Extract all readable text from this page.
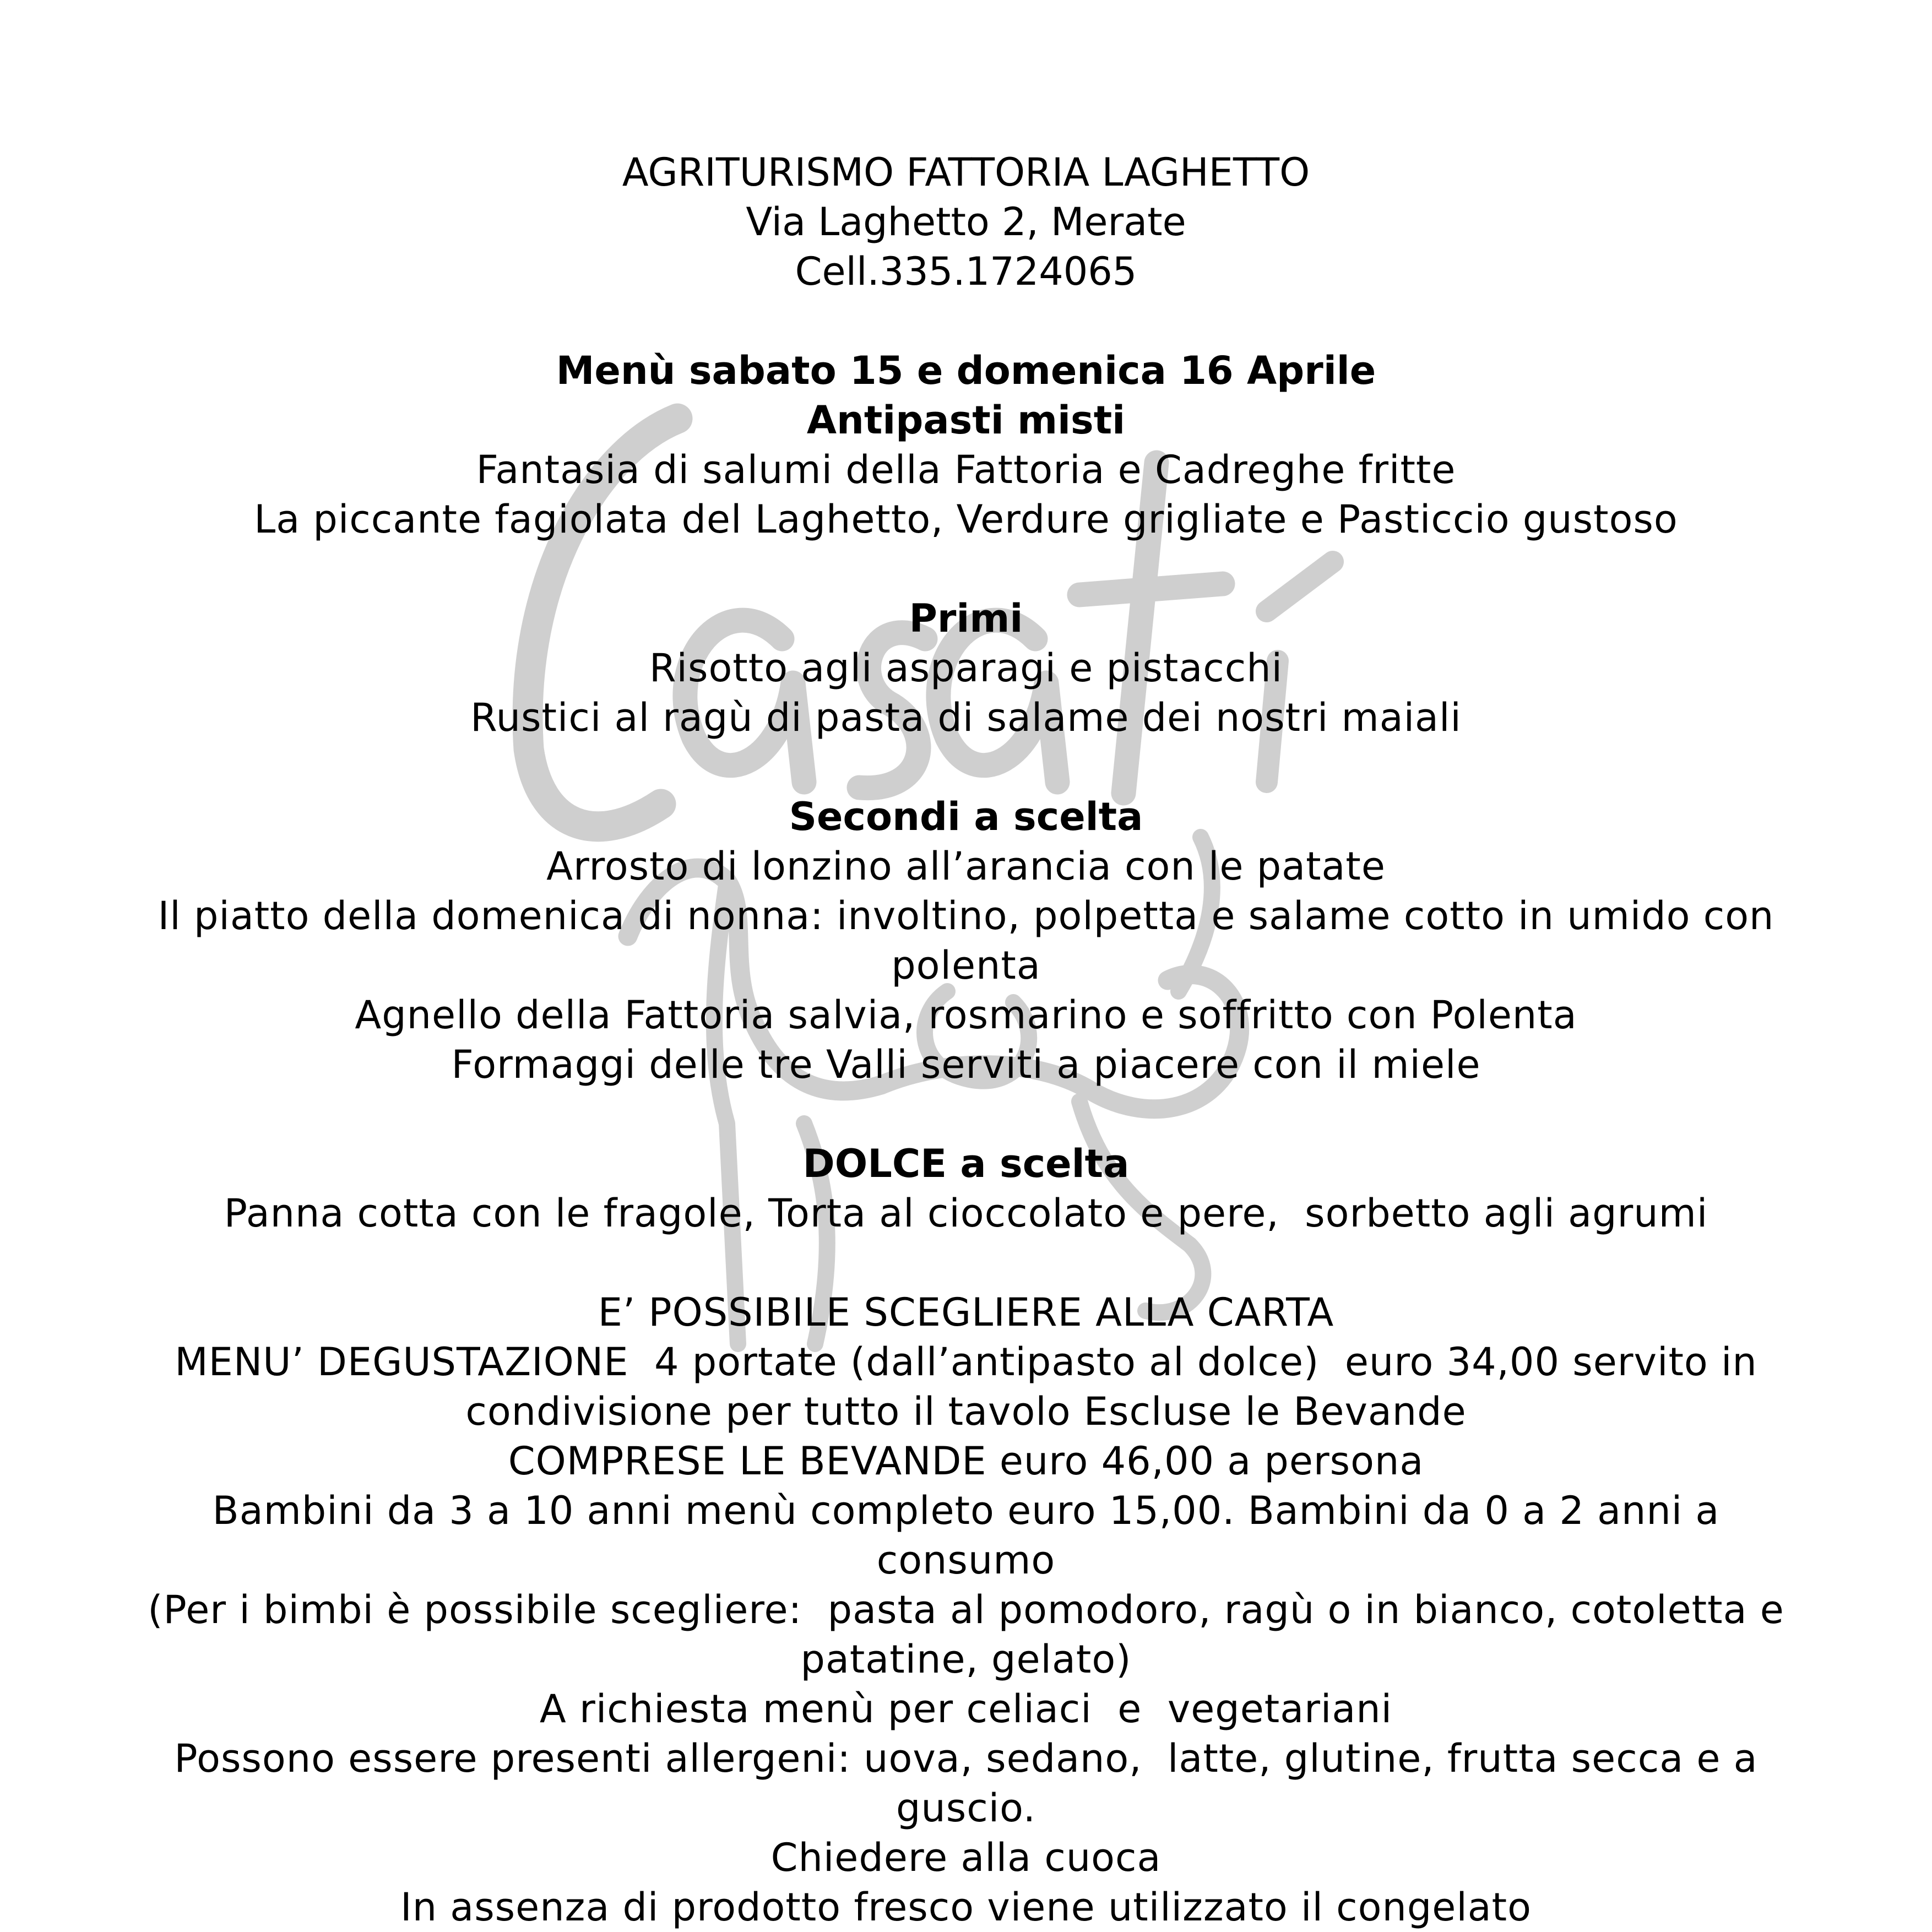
AGRITURISMO FATTORIA LAGHETTO
Via Laghetto 2, Merate
Cell.335.1724065
Menù sabato 15 e domenica 16 Aprile
Antipasti misti
Fantasia di salumi della Fattoria e Cadreghe fritte
La piccante fagiolata del Laghetto, Verdure grigliate e Pasticcio gustoso
Primi
Risotto agli asparagi e pistacchi
Rustici al ragù di pasta di salame dei nostri maiali
Secondi a scelta
Arrosto di lonzino all’arancia con le patate
Il piatto della domenica di nonna: involtino, polpetta e salame cotto in umido con polenta
Agnello della Fattoria salvia, rosmarino e soffritto con Polenta
Formaggi delle tre Valli serviti a piacere con il miele
DOLCE a scelta
Panna cotta con le fragole, Torta al cioccolato e pere,  sorbetto agli agrumi
E’ POSSIBILE SCEGLIERE ALLA CARTA
MENU’ DEGUSTAZIONE  4 portate (dall’antipasto al dolce)  euro 34,00 servito in condivisione per tutto il tavolo Escluse le Bevande
COMPRESE LE BEVANDE euro 46,00 a persona
Bambini da 3 a 10 anni menù completo euro 15,00. Bambini da 0 a 2 anni a consumo
(Per i bimbi è possibile scegliere:  pasta al pomodoro, ragù o in bianco, cotoletta e patatine, gelato)
A richiesta menù per celiaci  e  vegetariani
Possono essere presenti allergeni: uova, sedano,  latte, glutine, frutta secca e a guscio.
Chiedere alla cuoca
In assenza di prodotto fresco viene utilizzato il congelato
